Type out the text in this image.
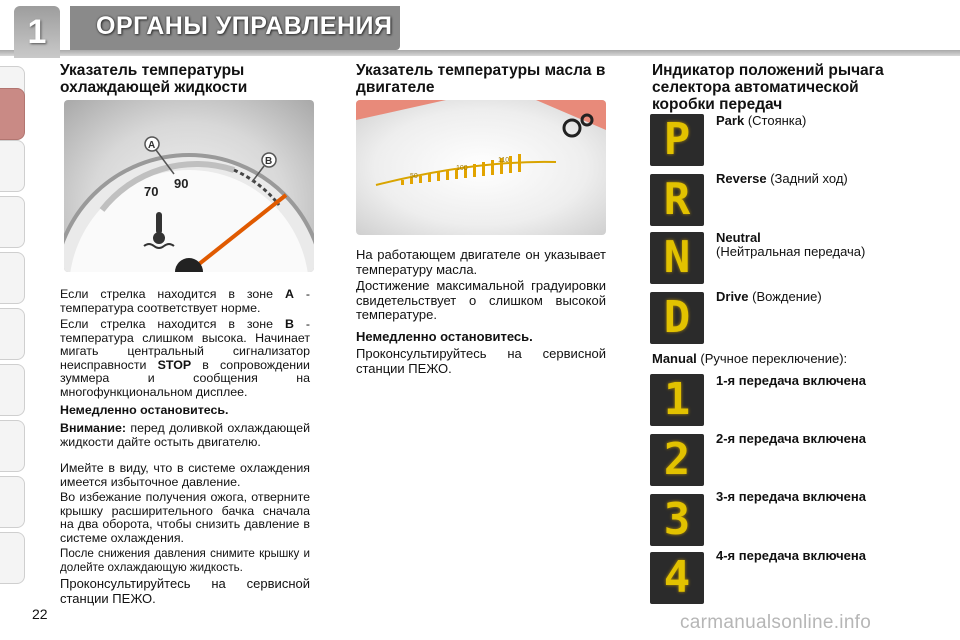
1	ОРГАНЫ УПРАВЛЕНИЯ
Указатель температуры охлаждающей жидкости
A
B
70
90
Если стрелка находится в зоне A - температура соответствует норме.
Если стрелка находится в зоне B - температура слишком высока. Начинает мигать центральный сигнализатор неисправности STOP в сопровождении зуммера и сообщения на многофункциональном дисплее.
Немедленно остановитесь.
Внимание: перед доливкой охлаждающей жидкости дайте остыть двигателю.
Имейте в виду, что в системе охлаждения имеется избыточное давление.
Во избежание получения ожога, отверните крышку расширительного бачка сначала на два оборота, чтобы снизить давление в системе охлаждения.
После снижения давления снимите крышку и долейте охлаждающую жидкость.
Проконсультируйтесь на сервисной станции ПЕЖО.
Указатель температуры масла в двигателе
50
100
110
На работающем двигателе он указывает температуру масла.
Достижение максимальной градуировки свидетельствует о слишком высокой температуре.
Немедленно остановитесь.
Проконсультируйтесь на сервисной станции ПЕЖО.
Индикатор положений рычага селектора автоматической коробки передач
P Park (Стоянка)
R Reverse (Задний ход)
N Neutral
(Нейтральная передача)
D Drive (Вождение)
Manual (Ручное переключение):
1 1-я передача включена
2 2-я передача включена
3 3-я передача включена
4 4-я передача включена
22	carmanualsonline.info
